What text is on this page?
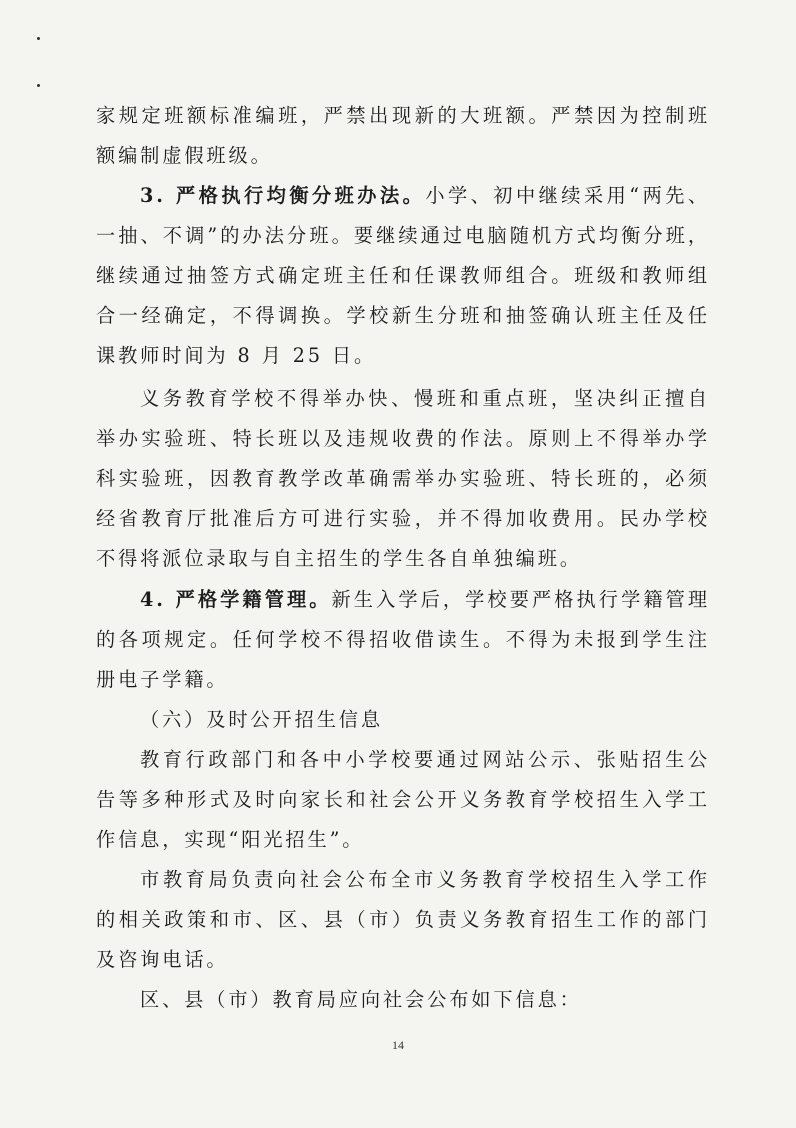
家规定班额标准编班，严禁出现新的大班额。严禁因为控制班额编制虚假班级。

3. 严格执行均衡分班办法。小学、初中继续采用“两先、一抽、不调”的办法分班。要继续通过电脑随机方式均衡分班，继续通过抽签方式确定班主任和任课教师组合。班级和教师组合一经确定，不得调换。学校新生分班和抽签确认班主任及任课教师时间为 8 月 25 日。

义务教育学校不得举办快、慢班和重点班，坚决纠正擅自举办实验班、特长班以及违规收费的作法。原则上不得举办学科实验班，因教育教学改革确需举办实验班、特长班的，必须经省教育厅批准后方可进行实验，并不得加收费用。民办学校不得将派位录取与自主招生的学生各自单独编班。

4. 严格学籍管理。新生入学后，学校要严格执行学籍管理的各项规定。任何学校不得招收借读生。不得为未报到学生注册电子学籍。

（六）及时公开招生信息

教育行政部门和各中小学校要通过网站公示、张贴招生公告等多种形式及时向家长和社会公开义务教育学校招生入学工作信息，实现“阳光招生”。

市教育局负责向社会公布全市义务教育学校招生入学工作的相关政策和市、区、县（市）负责义务教育招生工作的部门及咨询电话。

区、县（市）教育局应向社会公布如下信息：

14
